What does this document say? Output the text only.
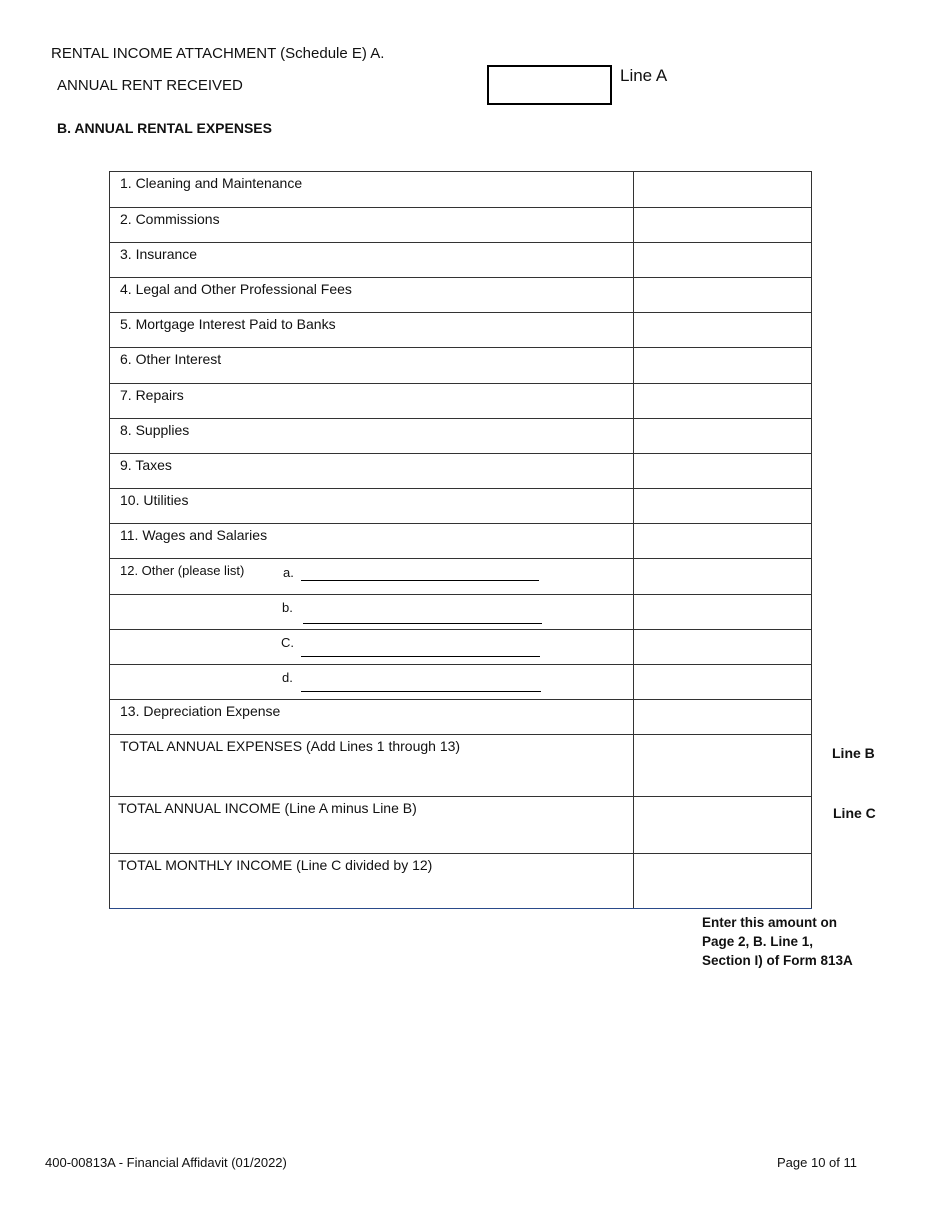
RENTAL INCOME ATTACHMENT (Schedule E) A.
ANNUAL RENT RECEIVED
Line A
B. ANNUAL RENTAL EXPENSES
1. Cleaning and Maintenance
2. Commissions
3. Insurance
4. Legal and Other Professional Fees
5. Mortgage Interest Paid to Banks
6. Other Interest
7. Repairs
8. Supplies
9. Taxes
10. Utilities
11. Wages and Salaries
12. Other (please list)	a.
b.
C.
d.
13. Depreciation Expense
TOTAL ANNUAL EXPENSES (Add Lines 1 through 13)
TOTAL ANNUAL INCOME (Line A minus Line B)
TOTAL MONTHLY INCOME (Line C divided by 12)
Line B
Line C
Enter this amount on
Page 2, B. Line 1,
Section I) of Form 813A
400-00813A - Financial Affidavit (01/2022)	Page 10 of 11
